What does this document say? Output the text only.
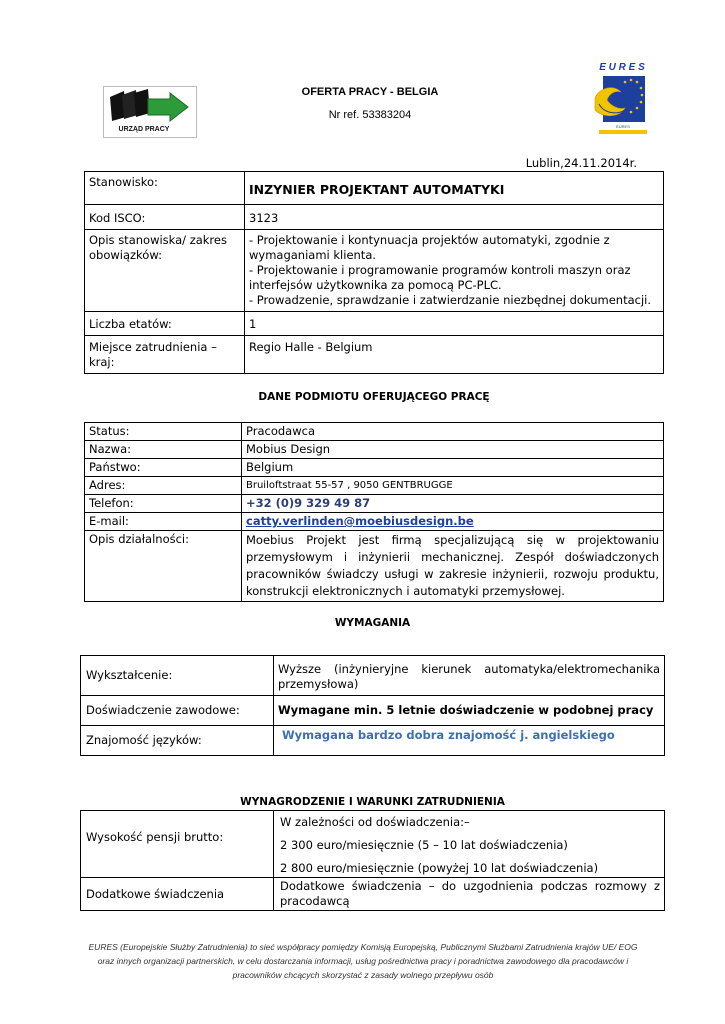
URZĄD PRACY
OFERTA PRACY - BELGIA
Nr ref. 53383204
E U R E S
EURES
Lublin,24.11.2014r.
Stanowisko:	INZYNIER PROJEKTANT AUTOMATYKI
Kod ISCO:	3123
Opis stanowiska/ zakres obowiązków:	- Projektowanie i kontynuacja projektów automatyki, zgodnie z wymaganiami klienta.
- Projektowanie i programowanie programów kontroli maszyn oraz interfejsów użytkownika za pomocą PC-PLC.
- Prowadzenie, sprawdzanie i zatwierdzanie niezbędnej dokumentacji.

Liczba etatów:	1
Miejsce zatrudnienia – kraj:	Regio Halle - Belgium
DANE PODMIOTU OFERUJĄCEGO PRACĘ
Status:	Pracodawca
Nazwa:	Mobius Design
Państwo:	Belgium
Adres:	Bruiloftstraat 55-57 , 9050 GENTBRUGGE
Telefon:	+32 (0)9 329 49 87
E-mail:	catty.verlinden@moebiusdesign.be
Opis działalności:	Moebius Projekt jest firmą specjalizującą się w projektowaniu przemysłowym i inżynierii mechanicznej. Zespół doświadczonych pracowników świadczy usługi w zakresie inżynierii, rozwoju produktu, konstrukcji elektronicznych i automatyki przemysłowej.
WYMAGANIA
Wykształcenie:	Wyższe (inżynieryjne kierunek automatyka/elektromechanika przemysłowa)
Doświadczenie zawodowe:	Wymagane min. 5 letnie doświadczenie w podobnej pracy
Znajomość języków:	Wymagana bardzo dobra znajomość j. angielskiego
WYNAGRODZENIE I WARUNKI ZATRUDNIENIA
Wysokość pensji brutto:	W zależności od doświadczenia:–
2 300 euro/miesięcznie (5 – 10 lat doświadczenia)
2 800 euro/miesięcznie (powyżej 10 lat doświadczenia)

Dodatkowe świadczenia	Dodatkowe świadczenia – do uzgodnienia podczas rozmowy z pracodawcą
EURES (Europejskie Służby Zatrudnienia) to sieć współpracy pomiędzy Komisją Europejską, Publicznymi Służbami Zatrudnienia krajów UE/ EOG
oraz innych organizacji partnerskich, w celu dostarczania informacji, usług pośrednictwa pracy i poradnictwa zawodowego dla pracodawców i
pracowników chcących skorzystać z zasady wolnego przepływu osób
